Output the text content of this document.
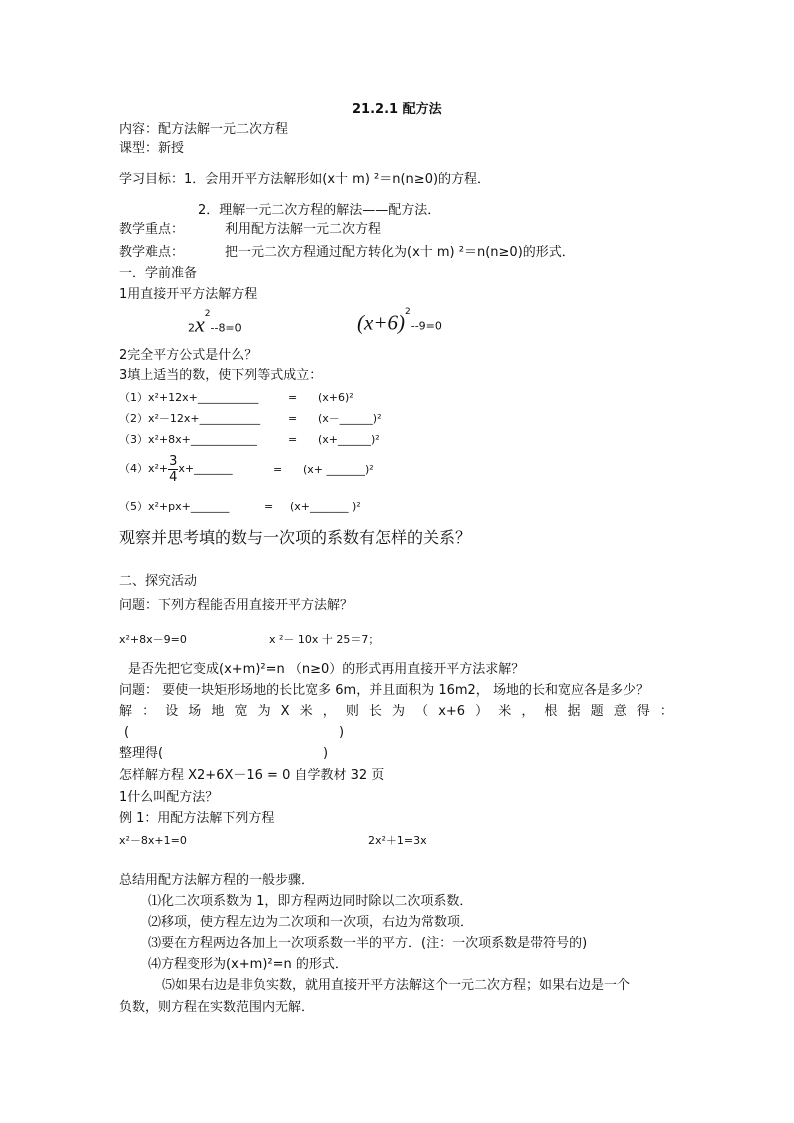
21.2.1 配方法
内容：配方法解一元二次方程
课型：新授
学习目标：1．会用开平方法解形如(x十 m) ²＝n(n≥0)的方程．
2．理解一元二次方程的解法——配方法．
教学重点：	利用配方法解一元二次方程
教学难点：	把一元二次方程通过配方转化为(x十 m) ²＝n(n≥0)的形式．
一．学前准备
1用直接开平方法解方程
$2x^2--8=0$	$(x+6)^2--9=0$
2完全平方公式是什么？
3填上适当的数，使下列等式成立：
（1）x²+12x+___________	= (x+6)²
（2）x²－12x+___________	= (x－______)²
（3）x²+8x+____________	= (x+______)²
$(4)x^2+ \frac{3}{4}$ x+_______	= (x+ _______)²
（5）x²+px+_______	= (x+_______ )²
观察并思考填的数与一次项的系数有怎样的关系？
二、探究活动
问题：下列方程能否用直接开平方法解？
x²+8x－9=0	x ²－ 10x 十 25＝7；
是否先把它变成(x+m)²=n （n≥0）的形式再用直接开平方法求解？
问题： 要使一块矩形场地的长比宽多 6m，并且面积为 16m2， 场地的长和宽应各是多少？
解 ： 设 场 地 宽 为 X 米 ， 则 长 为 （ x+6 ） 米 ， 根 据 题 意 得 ：
(	)
整理得(	)
怎样解方程 X2+6X－16 = 0 自学教材 32 页
1什么叫配方法？
例 1：用配方法解下列方程
x²－8x+1=0	2x²＋1=3x
总结用配方法解方程的一般步骤．
⑴化二次项系数为 1，即方程两边同时除以二次项系数．
⑵移项，使方程左边为二次项和一次项，右边为常数项．
⑶要在方程两边各加上一次项系数一半的平方．(注：一次项系数是带符号的)
⑷方程变形为(x+m)²=n 的形式．
⑸如果右边是非负实数，就用直接开平方法解这个一元二次方程；如果右边是一个
负数，则方程在实数范围内无解．
